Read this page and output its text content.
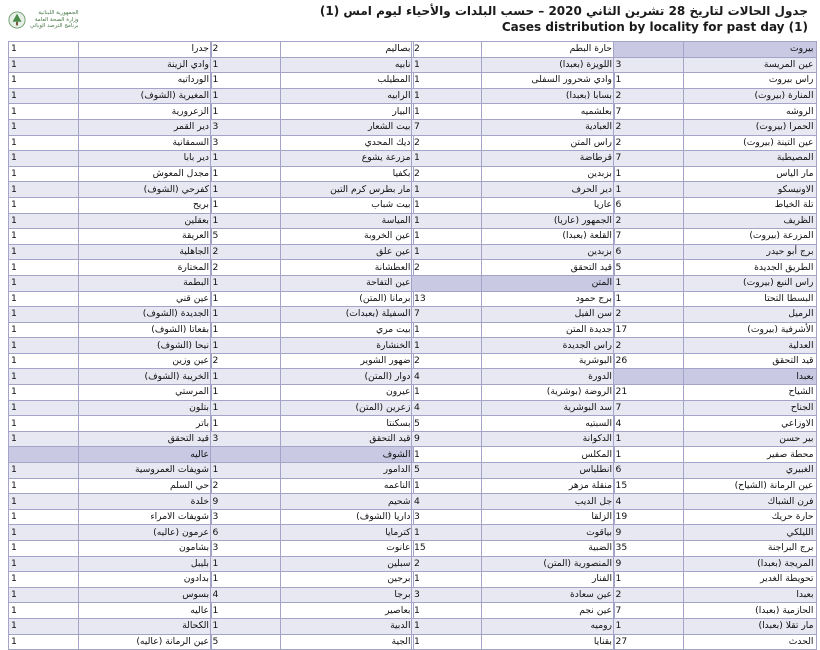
الجمهورية اللبنانية
وزارة الصحة العامة
برنامج الترصد الوبائي
جدول الحالات لتاريخ 28 تشرين الثاني 2020 – حسب البلدات والأحياء ليوم امس (1)
Cases distribution by locality for past day (1)
	بيروت
3	عين المريسة
1	راس بيروت
2	المنارة (بيروت)
7	الروشه
2	الحمرا (بيروت)
2	عين التينة (بيروت)
7	المصيطبة
1	مار الياس
1	الاونيسكو
6	تلة الخياط
2	الظريف
7	المزرعة (بيروت)
6	برج أبو حيدر
5	الطريق الجديدة
1	راس النبع (بيروت)
1	البسطا التحتا
2	الرميل
17	الأشرفية (بيروت)
2	العدلية
26	قيد التحقق
	بعبدا
21	الشياح
7	الجناح
4	الاوزاعي
1	بير حسن
1	محطة صفير
6	الغبيري
15	عين الرمانة (الشياح)
4	فرن الشباك
19	حارة حريك
9	الليلكي
35	برج البراجنة
9	المريجة (بعبدا)
1	تحويطة الغدير
2	بعبدا
7	الحازمية (بعبدا)
1	مار تقلا (بعبدا)
27	الحدث
2	حارة البطم
1	اللويزة (بعبدا)
1	وادي شحرور السفلى
1	بسابا (بعبدا)
1	بعلشميه
7	العبادية
2	راس المتن
1	قرطاضة
2	بزبدين
1	دير الحرف
1	عاريا
1	الجمهور (عاريا)
1	القلعة (بعبدا)
1	بزبدين
2	قيد التحقق
	المتن
13	برج حمود
7	سن الفيل
1	جديدة المتن
1	راس الجديدة
2	البوشرية
4	الدورة
1	الروضة (بوشرية)
4	سد البوشرية
5	السبتيه
9	الدكوانة
1	المكلس
5	انطلياس
1	منقلة مزهر
4	جل الديب
3	الزلقا
1	بياقوت
15	الضبية
2	المنصورية (المتن)
1	الفنار
3	عين سعادة
1	عين نجم
1	روميه
1	بقنايا
2	بصاليم
1	نابيه
1	المطيلب
1	الرابيه
1	البيار
3	بيت الشعار
3	ديك المحدي
1	مزرعة يشوع
1	بكفيا
1	مار بطرس كرم التين
1	بيت شباب
1	المياسة
5	عين الخروبة
2	عين علق
2	العطشانة
1	عين التفاحة
1	برمانا (المتن)
1	السفيلة (بعبدات)
1	بيت مري
1	الخنشارة
2	ضهور الشوير
1	دوار (المتن)
1	عيرون
1	زعرين (المتن)
1	بسكنتا
3	قيد التحقق
	الشوف
1	الدامور
2	الناعمه
9	شحيم
3	داريا (الشوف)
6	كترمايا
3	عانوت
1	سبلين
1	برجين
4	برجا
1	بعاصير
1	الدبية
5	الجية
1	جدرا
1	وادي الزينة
1	الورداتيه
1	المغيرية (الشوف)
1	الزعرورية
1	دير القمر
1	السمقانية
1	دير بابا
1	مجدل المعوش
1	كفرحي (الشوف)
1	بريح
1	بعقلين
1	العريقة
1	الجاهلية
1	المختارة
1	البطمة
1	عين قني
1	الجديدة (الشوف)
1	بقعاتا (الشوف)
1	نيحا (الشوف)
1	عين وزين
1	الخريبة (الشوف)
1	المرستي
1	بتلون
1	باتر
1	قيد التحقق
	عاليه
1	شويفات العمروسية
1	حي السلم
1	خلدة
1	شويفات الامراء
1	عرمون (عاليه)
1	بشامون
1	بليبل
1	بدادون
1	بسوس
1	عاليه
1	الكحالة
1	عين الرمانة (عاليه)
